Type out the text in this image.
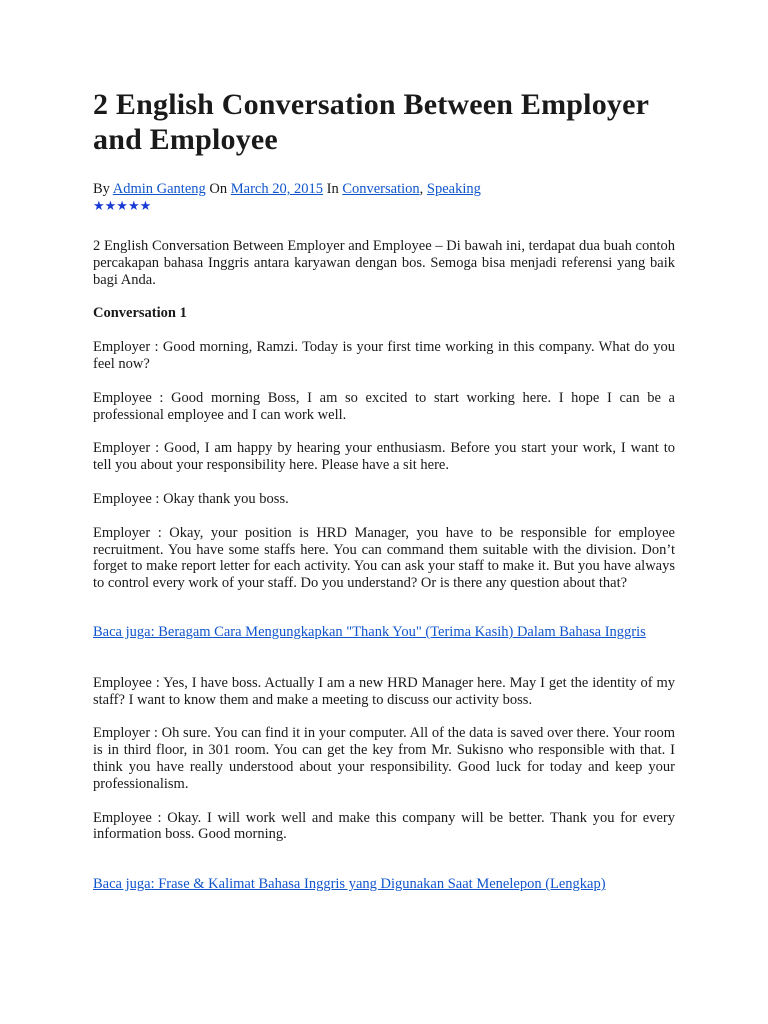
2 English Conversation Between Employer and Employee
By Admin Ganteng On March 20, 2015 In Conversation, Speaking
★★★★★

2 English Conversation Between Employer and Employee – Di bawah ini, terdapat dua buah contoh percakapan bahasa Inggris antara karyawan dengan bos. Semoga bisa menjadi referensi yang baik bagi Anda.

Conversation 1

Employer : Good morning, Ramzi. Today is your first time working in this company. What do you feel now?

Employee : Good morning Boss, I am so excited to start working here. I hope I can be a professional employee and I can work well.

Employer : Good, I am happy by hearing your enthusiasm. Before you start your work, I want to tell you about your responsibility here. Please have a sit here.

Employee : Okay thank you boss.

Employer : Okay, your position is HRD Manager, you have to be responsible for employee recruitment. You have some staffs here. You can command them suitable with the division. Don’t forget to make report letter for each activity. You can ask your staff to make it. But you have always to control every work of your staff. Do you understand? Or is there any question about that?

Baca juga: Beragam Cara Mengungkapkan "Thank You" (Terima Kasih) Dalam Bahasa Inggris

Employee : Yes, I have boss. Actually I am a new HRD Manager here. May I get the identity of my staff? I want to know them and make a meeting to discuss our activity boss.

Employer : Oh sure. You can find it in your computer. All of the data is saved over there. Your room is in third floor, in 301 room. You can get the key from Mr. Sukisno who responsible with that. I think you have really understood about your responsibility. Good luck for today and keep your professionalism.

Employee : Okay. I will work well and make this company will be better. Thank you for every information boss. Good morning.

Baca juga: Frase & Kalimat Bahasa Inggris yang Digunakan Saat Menelepon (Lengkap)
